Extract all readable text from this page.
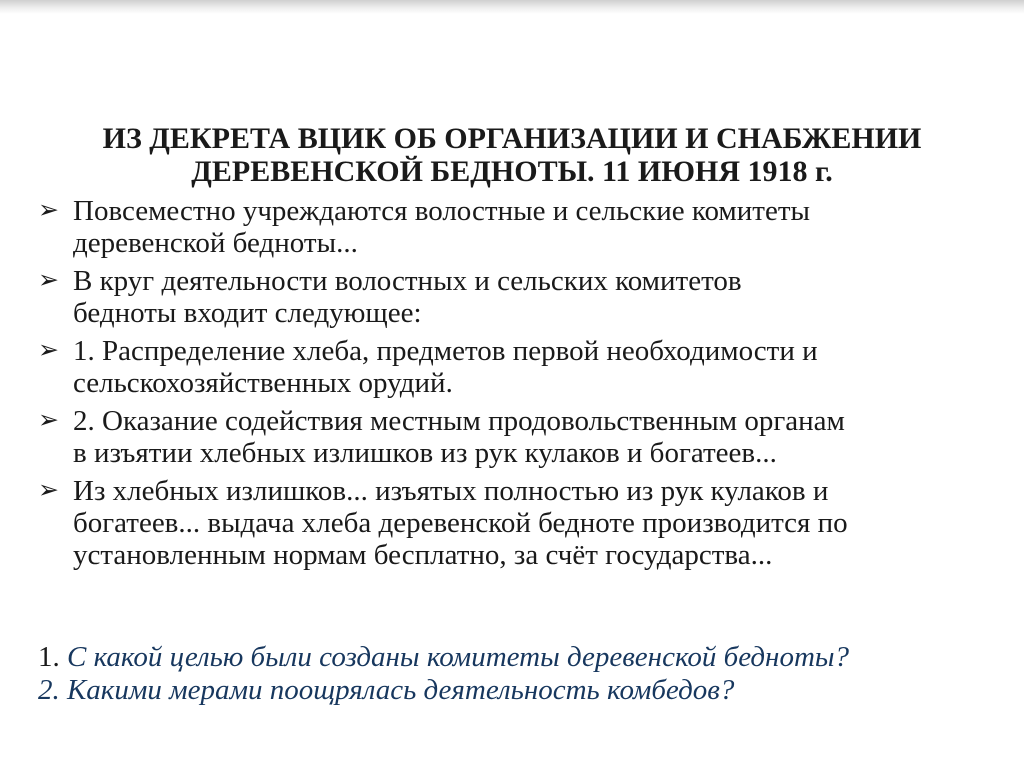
ИЗ ДЕКРЕТА ВЦИК ОБ ОРГАНИЗАЦИИ И СНАБЖЕНИИ
ДЕРЕВЕНСКОЙ БЕДНОТЫ. 11 ИЮНЯ 1918 г.
➢ Повсеместно учреждаются волостные и сельские комитеты
деревенской бедноты...
➢ В круг деятельности волостных и сельских комитетов
бедноты входит следующее:
➢ 1. Распределение хлеба, предметов первой необходимости и
сельскохозяйственных орудий.
➢ 2. Оказание содействия местным продовольственным органам
в изъятии хлебных излишков из рук кулаков и богатеев...
➢ Из хлебных излишков... изъятых полностью из рук кулаков и
богатеев... выдача хлеба деревенской бедноте производится по
установленным нормам бесплатно, за счёт государства...
1. С какой целью были созданы комитеты деревенской бедноты?
2. Какими мерами поощрялась деятельность комбедов?
